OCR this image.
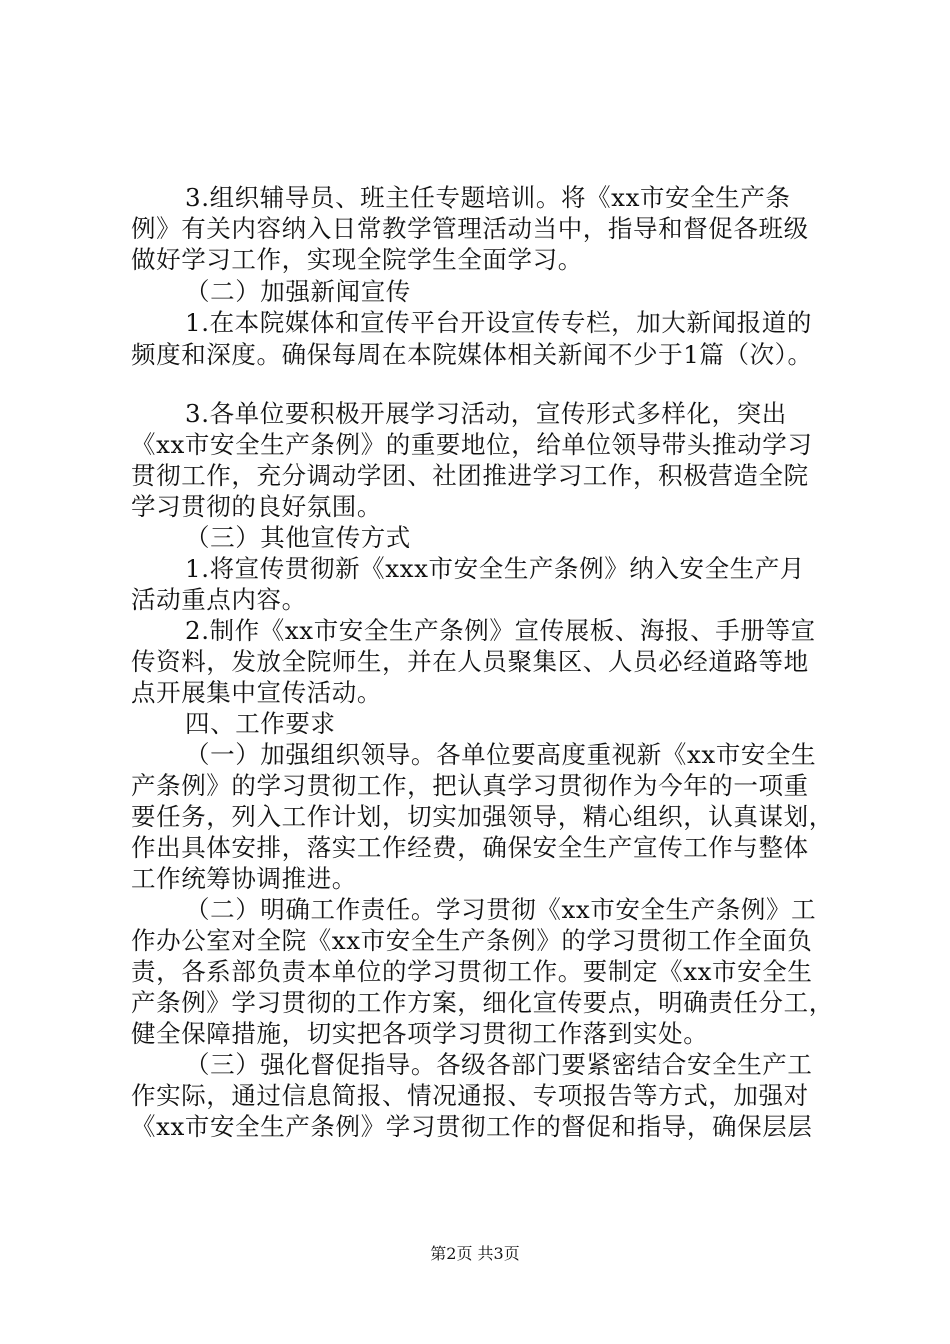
3.组织辅导员、班主任专题培训。将《xx市安全生产条
例》有关内容纳入日常教学管理活动当中，指导和督促各班级
做好学习工作，实现全院学生全面学习。
（二）加强新闻宣传
1.在本院媒体和宣传平台开设宣传专栏，加大新闻报道的
频度和深度。确保每周在本院媒体相关新闻不少于1篇（次）。
3.各单位要积极开展学习活动，宣传形式多样化，突出
《xx市安全生产条例》的重要地位，给单位领导带头推动学习
贯彻工作，充分调动学团、社团推进学习工作，积极营造全院
学习贯彻的良好氛围。
（三）其他宣传方式
1.将宣传贯彻新《xxx市安全生产条例》纳入安全生产月
活动重点内容。
2.制作《xx市安全生产条例》宣传展板、海报、手册等宣
传资料，发放全院师生，并在人员聚集区、人员必经道路等地
点开展集中宣传活动。
四、工作要求
（一）加强组织领导。各单位要高度重视新《xx市安全生
产条例》的学习贯彻工作，把认真学习贯彻作为今年的一项重
要任务，列入工作计划，切实加强领导，精心组织，认真谋划，
作出具体安排，落实工作经费，确保安全生产宣传工作与整体
工作统筹协调推进。
（二）明确工作责任。学习贯彻《xx市安全生产条例》工
作办公室对全院《xx市安全生产条例》的学习贯彻工作全面负
责，各系部负责本单位的学习贯彻工作。要制定《xx市安全生
产条例》学习贯彻的工作方案，细化宣传要点，明确责任分工，
健全保障措施，切实把各项学习贯彻工作落到实处。
（三）强化督促指导。各级各部门要紧密结合安全生产工
作实际，通过信息简报、情况通报、专项报告等方式，加强对
《xx市安全生产条例》学习贯彻工作的督促和指导，确保层层
第2页 共3页
